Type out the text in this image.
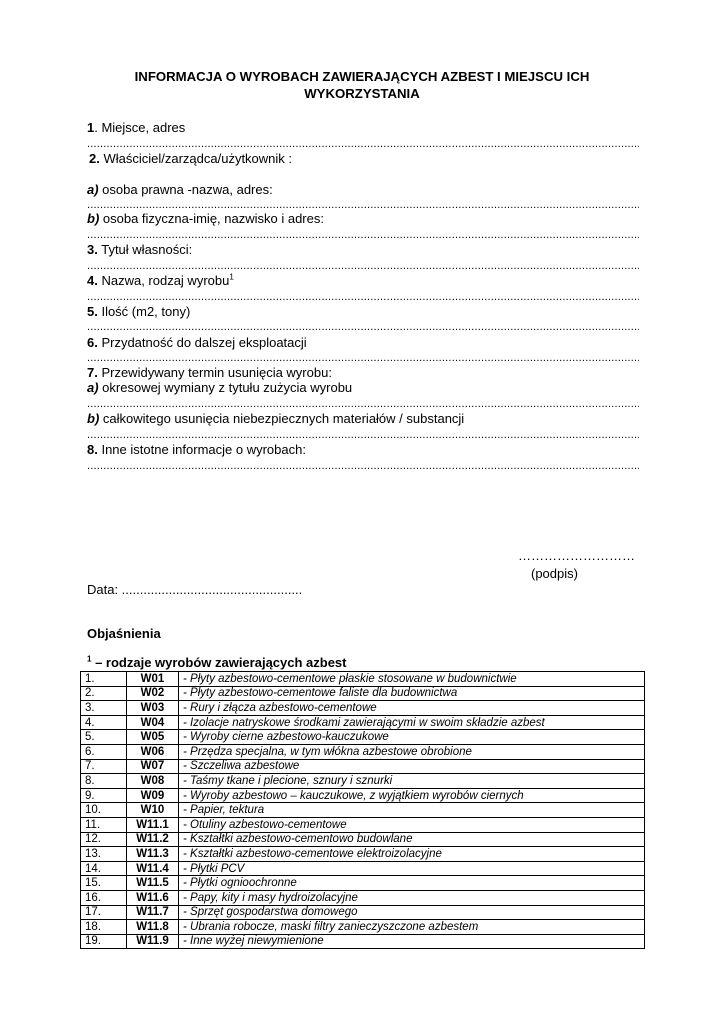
INFORMACJA O WYROBACH ZAWIERAJĄCYCH AZBEST I MIEJSCU ICH
WYKORZYSTANIA
1. Miejsce, adres
.....
2. Właściciel/zarządca/użytkownik :
a) osoba prawna -nazwa, adres:
.....
b) osoba fizyczna-imię, nazwisko i adres:
.....
3. Tytuł własności:
.....
4. Nazwa, rodzaj wyrobu$^1$
.....
5. Ilość (m2, tony)
.....
6. Przydatność do dalszej eksploatacji
.....
7. Przewidywany termin usunięcia wyrobu:
a) okresowej wymiany z tytułu zużycia wyrobu
.....
b) całkowitego usunięcia niebezpiecznych materiałów / substancji
.....
8. Inne istotne informacje o wyrobach:
.....
………………………
(podpis)
Data: ..................................................
Objaśnienia
$^1$ – rodzaje wyrobów zawierających azbest
1.	W01	- Płyty azbestowo-cementowe płaskie stosowane w budownictwie
2.	W02	- Płyty azbestowo-cementowe faliste dla budownictwa
3.	W03	- Rury i złącza azbestowo-cementowe
4.	W04	- Izolacje natryskowe środkami zawierającymi w swoim składzie azbest
5.	W05	- Wyroby cierne azbestowo-kauczukowe
6.	W06	- Przędza specjalna, w tym włókna azbestowe obrobione
7.	W07	- Szczeliwa azbestowe
8.	W08	- Taśmy tkane i plecione, sznury i sznurki
9.	W09	- Wyroby azbestowo – kauczukowe, z wyjątkiem wyrobów ciernych
10.	W10	- Papier, tektura
11.	W11.1	- Otuliny azbestowo-cementowe
12.	W11.2	- Kształtki azbestowo-cementowo budowlane
13.	W11.3	- Kształtki azbestowo-cementowe elektroizolacyjne
14.	W11.4	- Płytki PCV
15.	W11.5	- Płytki ognioochronne
16.	W11.6	- Papy, kity i masy hydroizolacyjne
17.	W11.7	- Sprzęt gospodarstwa domowego
18.	W11.8	- Ubrania robocze, maski filtry zanieczyszczone azbestem
19.	W11.9	- Inne wyżej niewymienione
